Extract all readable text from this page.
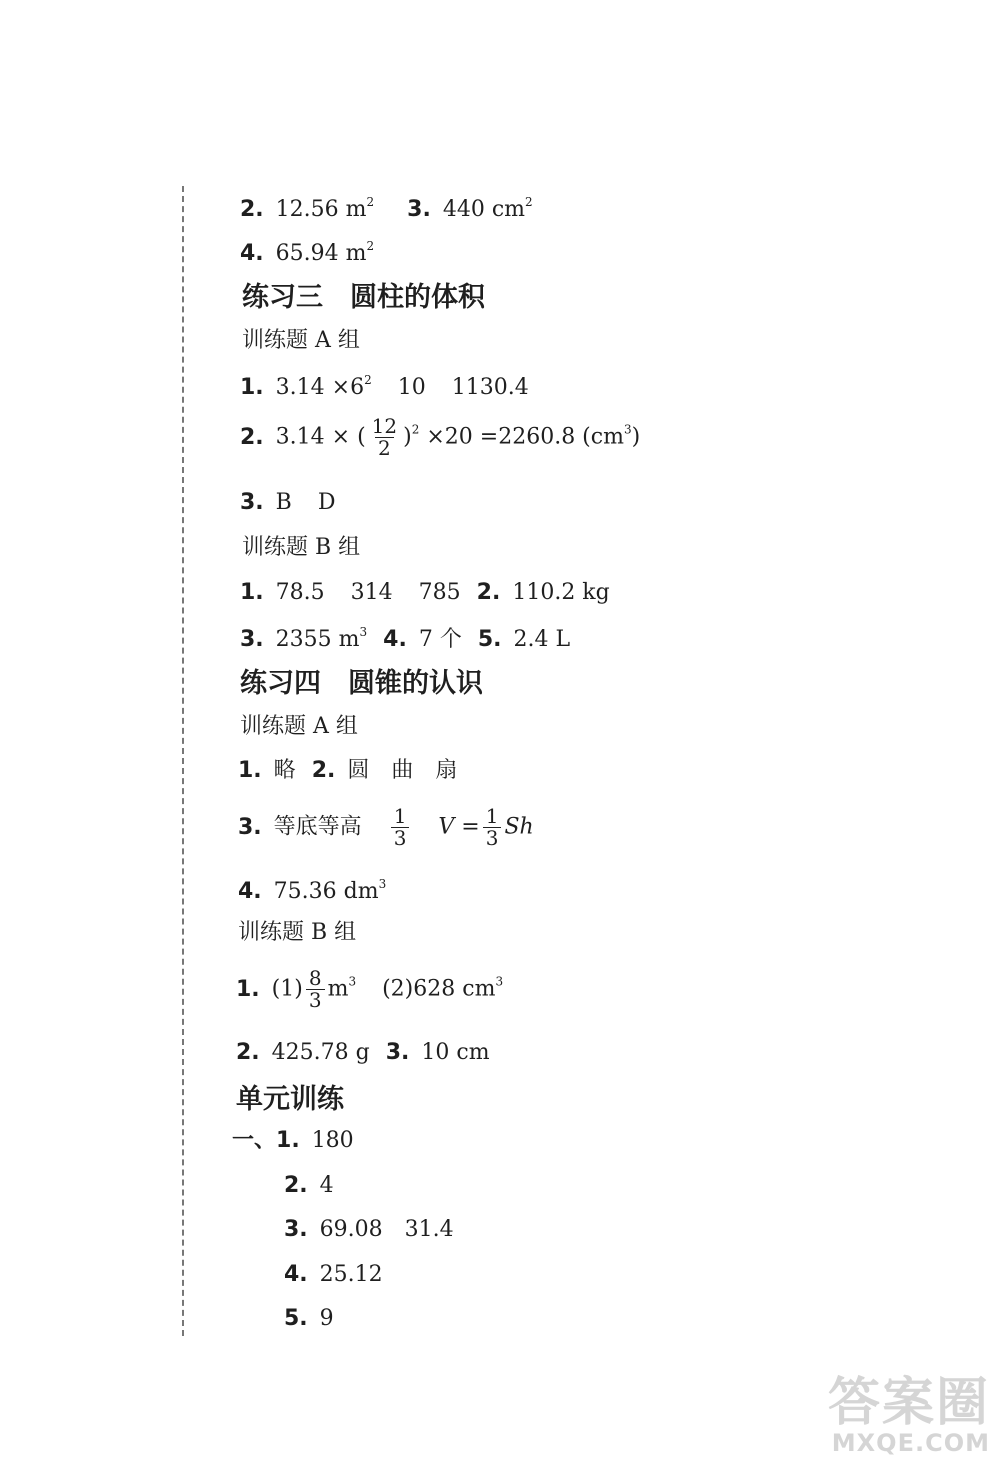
2. 12.56 $m^2$ 3. 440 $cm^2$
4. 65.94 $m^2$
练习三　圆柱的体积
训练题 A 组
1. $3.14 \times 6^2$ 10 1130.4
2. 3.14 × ( $\frac{12}{2} )^2 \times 20 =2260.8$ $(cm^3)$
3. B D
训练题 B 组
1. 78.5 314 785 2. 110.2 kg
3. 2355 $m^3$ 4. 7 个 5. 2.4 L
练习四　圆锥的认识
训练题 A 组
1. 略 2. 圆　曲　扇
3. 等底等高 $\frac{1}{3}$ $V = \frac{1}{3}$ Sh
4. 75.36 $dm^3$
训练题 B 组
1. $(1) \frac{8}{3} m^3$ (2)628 $cm^3$
2. 425.78 g 3. 10 cm
单元训练
一、1. 180
2. 4
3. 69.08　31.4
4. 25.12
5. 9
答案圈
MXQE.COM
